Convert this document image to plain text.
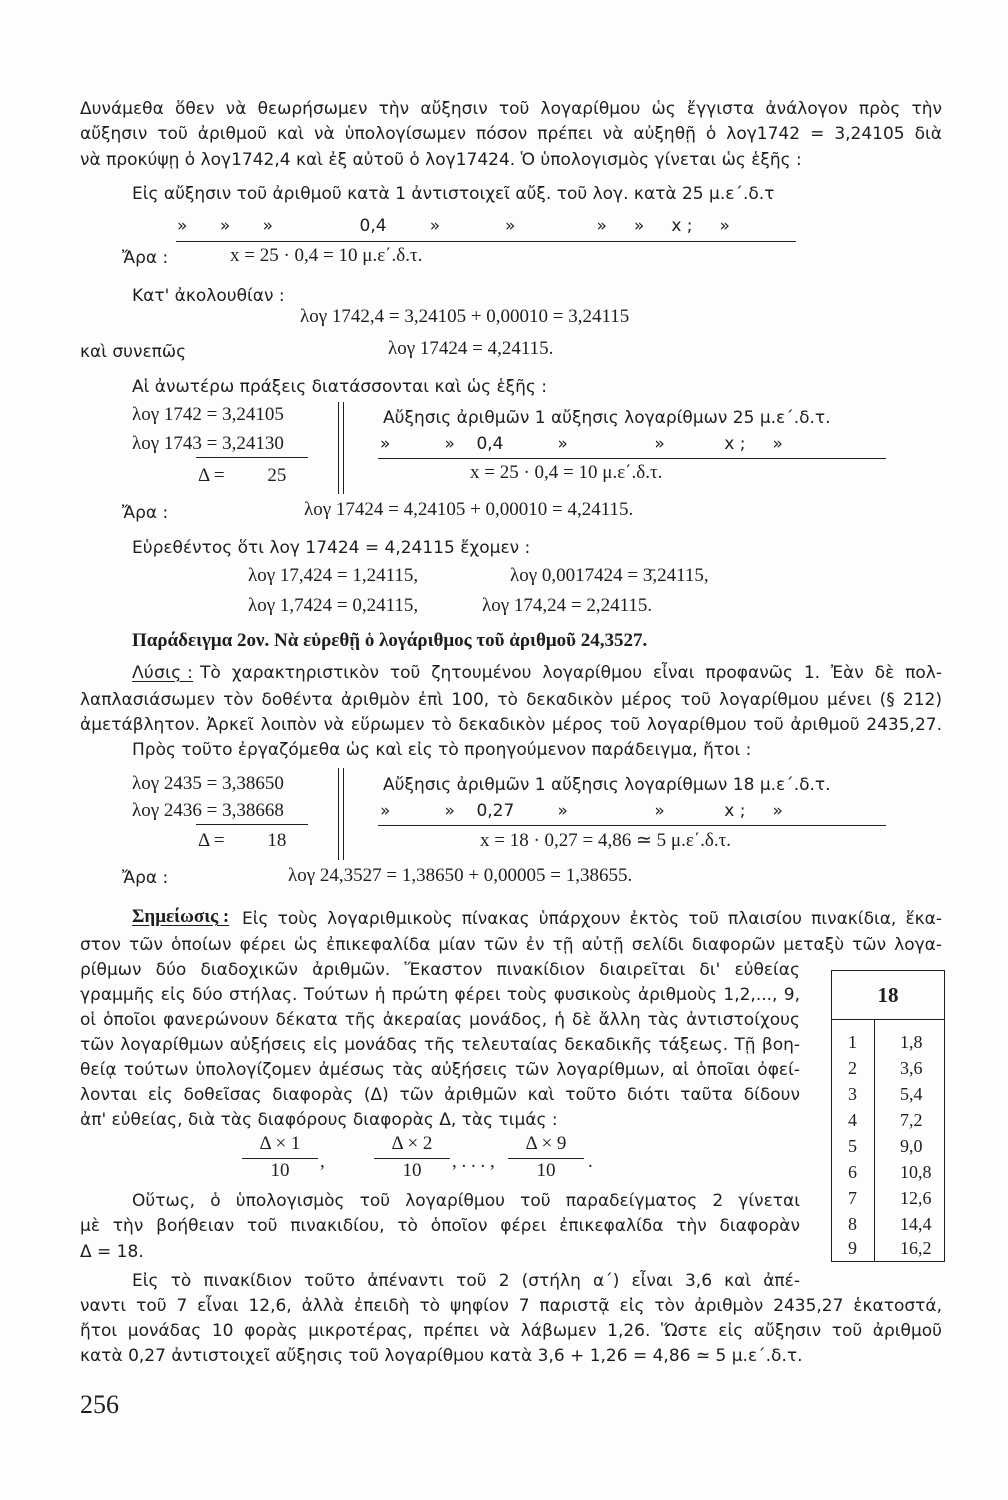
Δυνάμεθα ὅθεν νὰ θεωρήσωμεν τὴν αὔξησιν τοῦ λογαρίθμου ὡς ἔγγιστα ἀνάλογον πρὸς τὴν
αὔξησιν τοῦ ἀριθμοῦ καὶ νὰ ὑπολογίσωμεν πόσον πρέπει νὰ αὐξηθῇ ὁ λογ1742 = 3,24105 διὰ
νὰ προκύψῃ ὁ λογ1742,4 καὶ ἐξ αὐτοῦ ὁ λογ17424. Ὁ ὑπολογισμὸς γίνεται ὡς ἑξῆς :
Εἰς αὔξησιν τοῦ ἀριθμοῦ κατὰ 1 ἀντιστοιχεῖ αὔξ. τοῦ λογ. κατὰ 25 μ.ε΄.δ.τ
»      »      »                0,4        »            »               »     »     x ;     »
Ἄρα :	x = 25 · 0,4 = 10 μ.ε΄.δ.τ.
Κατ' ἀκολουθίαν :
λογ 1742,4 = 3,24105 + 0,00010 = 3,24115
καὶ συνεπῶς	λογ 17424 = 4,24115.
Αἱ ἀνωτέρω πράξεις διατάσσονται καὶ ὡς ἑξῆς :
λογ 1742 = 3,24105
λογ 1743 = 3,24130
Δ =         25
Αὔξησις ἀριθμῶν 1 αὔξησις λογαρίθμων 25 μ.ε΄.δ.τ.
»          »    0,4          »                »           x ;     »
x = 25 · 0,4 = 10 μ.ε΄.δ.τ.
Ἄρα :	λογ 17424 = 4,24105 + 0,00010 = 4,24115.
Εὑρεθέντος ὅτι λογ 17424 = 4,24115 ἔχομεν :
λογ 17,424 = 1,24115,	λογ 0,0017424 = 3̄,24115,
λογ 1,7424 = 0,24115,	λογ 174,24 = 2,24115.
Παράδειγμα 2ον. Νὰ εὑρεθῇ ὁ λογάριθμος τοῦ ἀριθμοῦ 24,3527.
Λύσις : Τὸ χαρακτηριστικὸν τοῦ ζητουμένου λογαρίθμου εἶναι προφανῶς 1. Ἐὰν δὲ πολ-
λαπλασιάσωμεν τὸν δοθέντα ἀριθμὸν ἐπὶ 100, τὸ δεκαδικὸν μέρος τοῦ λογαρίθμου μένει (§ 212)
ἀμετάβλητον. Ἀρκεῖ λοιπὸν νὰ εὕρωμεν τὸ δεκαδικὸν μέρος τοῦ λογαρίθμου τοῦ ἀριθμοῦ 2435,27.
Πρὸς τοῦτο ἐργαζόμεθα ὡς καὶ εἰς τὸ προηγούμενον παράδειγμα, ἤτοι :
λογ 2435 = 3,38650
λογ 2436 = 3,38668
Δ =         18
Αὔξησις ἀριθμῶν 1 αὔξησις λογαρίθμων 18 μ.ε΄.δ.τ.
»          »    0,27        »                »           x ;     »
x = 18 · 0,27 = 4,86 ≃ 5 μ.ε΄.δ.τ.
Ἄρα :	λογ 24,3527 = 1,38650 + 0,00005 = 1,38655.
Σημείωσις : Εἰς τοὺς λογαριθμικοὺς πίνακας ὑπάρχουν ἐκτὸς τοῦ πλαισίου πινακίδια, ἕκα-
στον τῶν ὁποίων φέρει ὡς ἐπικεφαλίδα μίαν τῶν ἐν τῇ αὐτῇ σελίδι διαφορῶν μεταξὺ τῶν λογα-
ρίθμων δύο διαδοχικῶν ἀριθμῶν. Ἕκαστον πινακίδιον διαιρεῖται δι' εὐθείας
γραμμῆς εἰς δύο στήλας. Τούτων ἡ πρώτη φέρει τοὺς φυσικοὺς ἀριθμοὺς 1,2,..., 9,
οἱ ὁποῖοι φανερώνουν δέκατα τῆς ἀκεραίας μονάδος, ἡ δὲ ἄλλη τὰς ἀντιστοίχους
τῶν λογαρίθμων αὐξήσεις εἰς μονάδας τῆς τελευταίας δεκαδικῆς τάξεως. Τῇ βοη-
θείᾳ τούτων ὑπολογίζομεν ἀμέσως τὰς αὐξήσεις τῶν λογαρίθμων, αἱ ὁποῖαι ὀφεί-
λονται εἰς δοθεῖσας διαφορὰς (Δ) τῶν ἀριθμῶν καὶ τοῦτο διότι ταῦτα δίδουν
ἀπ' εὐθείας, διὰ τὰς διαφόρους διαφορὰς Δ, τὰς τιμάς :
Δ × 1
10	,
Δ × 2
10	, . . . ,
Δ × 9
10	.
Οὕτως, ὁ ὑπολογισμὸς τοῦ λογαρίθμου τοῦ παραδείγματος 2 γίνεται
μὲ τὴν βοήθειαν τοῦ πινακιδίου, τὸ ὁποῖον φέρει ἐπικεφαλίδα τὴν διαφορὰν
Δ = 18.
Εἰς τὸ πινακίδιον τοῦτο ἀπέναντι τοῦ 2 (στήλη α΄) εἶναι 3,6 καὶ ἀπέ-
ναντι τοῦ 7 εἶναι 12,6, ἀλλὰ ἐπειδὴ τὸ ψηφίον 7 παριστᾷ εἰς τὸν ἀριθμὸν 2435,27 ἑκατοστά,
ἤτοι μονάδας 10 φορὰς μικροτέρας, πρέπει νὰ λάβωμεν 1,26. Ὥστε εἰς αὔξησιν τοῦ ἀριθμοῦ
κατὰ 0,27 ἀντιστοιχεῖ αὔξησις τοῦ λογαρίθμου κατὰ 3,6 + 1,26 = 4,86 ≃ 5 μ.ε΄.δ.τ.
18
1 1,8
2 3,6
3 5,4
4 7,2
5 9,0
6 10,8
7 12,6
8 14,4
9 16,2
256
